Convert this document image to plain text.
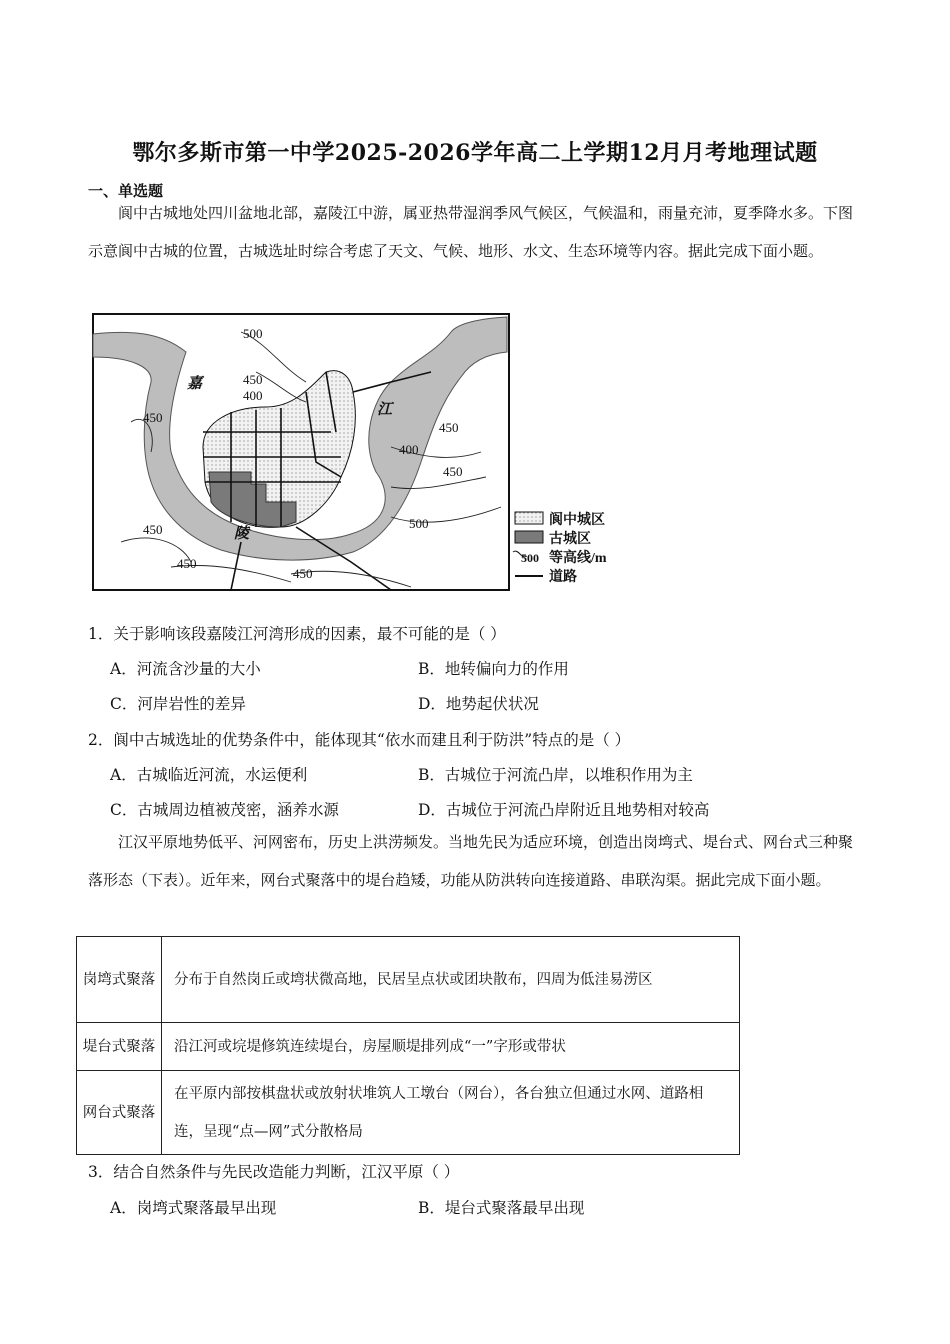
鄂尔多斯市第一中学2025-2026学年高二上学期12月月考地理试题
一、单选题

阆中古城地处四川盆地北部，嘉陵江中游，属亚热带湿润季风气候区，气候温和，雨量充沛，夏季降水多。下图示意阆中古城的位置，古城选址时综合考虑了天文、气候、地形、水文、生态环境等内容。据此完成下面小题。

500
450
400
450
450
400
450
500
450
450
450
嘉
陵
江
阆中城区
古城区
500 等高线/m
道路
1．关于影响该段嘉陵江河湾形成的因素，最不可能的是（ ）
A．河流含沙量的大小	B．地转偏向力的作用
C．河岸岩性的差异	D．地势起伏状况
2．阆中古城选址的优势条件中，能体现其“依水而建且利于防洪”特点的是（ ）
A．古城临近河流，水运便利	B．古城位于河流凸岸，以堆积作用为主
C．古城周边植被茂密，涵养水源	D．古城位于河流凸岸附近且地势相对较高

江汉平原地势低平、河网密布，历史上洪涝频发。当地先民为适应环境，创造出岗塆式、堤台式、网台式三种聚落形态（下表）。近年来，网台式聚落中的堤台趋矮，功能从防洪转向连接道路、串联沟渠。据此完成下面小题。

岗塆式聚落	分布于自然岗丘或塆状微高地，民居呈点状或团块散布，四周为低洼易涝区
堤台式聚落	沿江河或垸堤修筑连续堤台，房屋顺堤排列成“一”字形或带状
网台式聚落	在平原内部按棋盘状或放射状堆筑人工墩台（网台），各台独立但通过水网、道路相连，呈现“点—网”式分散格局
3．结合自然条件与先民改造能力判断，江汉平原（ ）
A．岗塆式聚落最早出现	B．堤台式聚落最早出现
